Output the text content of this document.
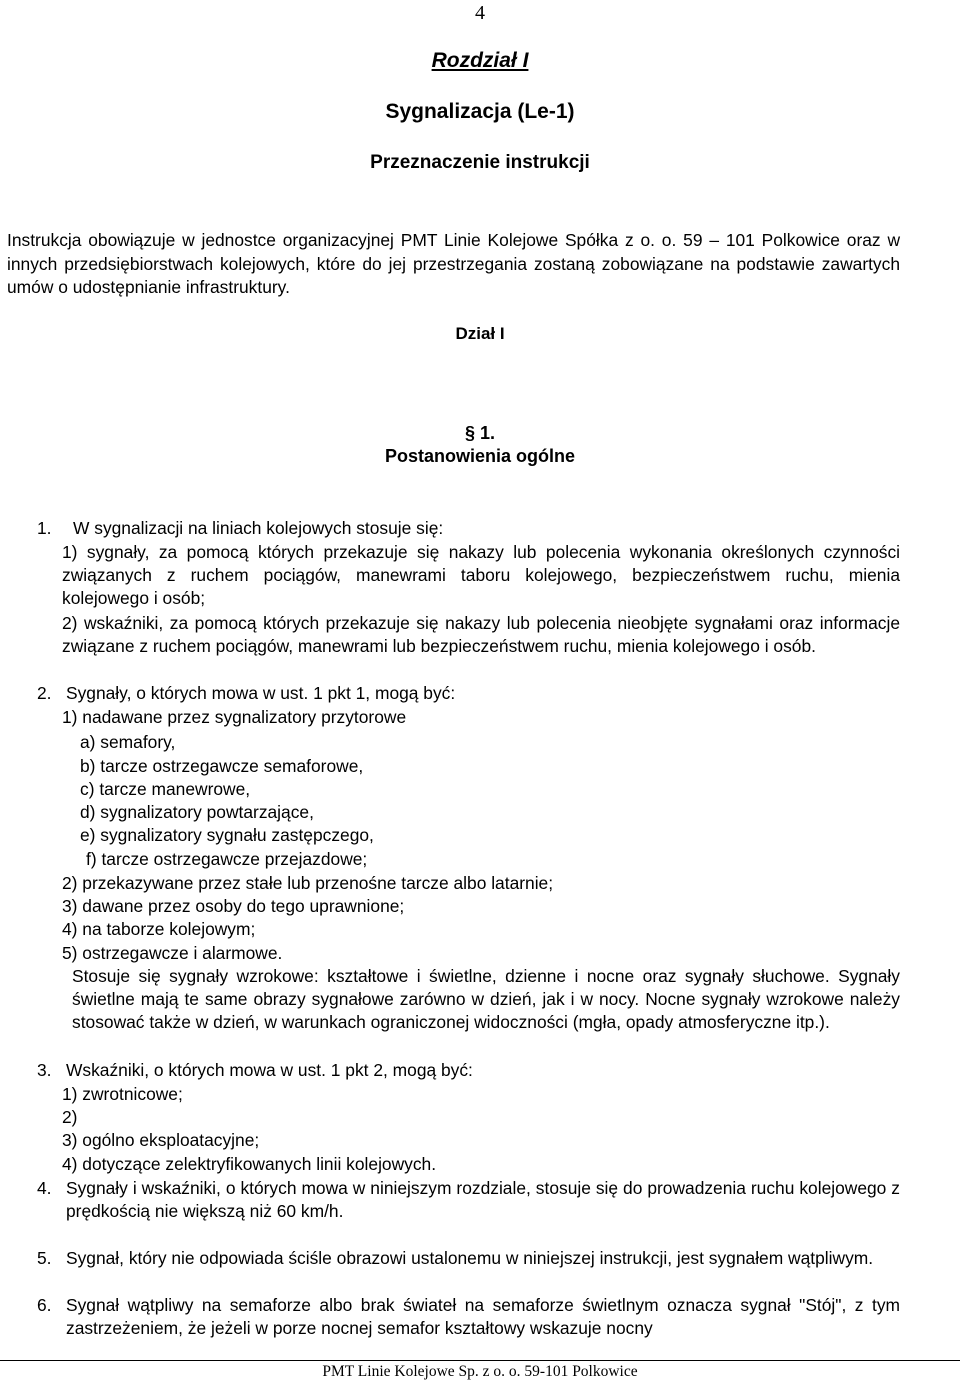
4
Rozdział I
Sygnalizacja (Le-1)
Przeznaczenie instrukcji
Instrukcja obowiązuje w jednostce organizacyjnej PMT Linie Kolejowe Spółka z o. o. 59 – 101 Polkowice oraz w innych przedsiębiorstwach kolejowych, które do jej przestrzegania zostaną zobowiązane na podstawie zawartych umów o udostępnianie infrastruktury.
Dział I
§ 1.
Postanowienia ogólne
1. W sygnalizacji na liniach kolejowych stosuje się:
1) sygnały, za pomocą których przekazuje się nakazy lub polecenia wykonania określonych czynności związanych z ruchem pociągów, manewrami taboru kolejowego, bezpieczeństwem ruchu, mienia kolejowego i osób;
2) wskaźniki, za pomocą których przekazuje się nakazy lub polecenia nieobjęte sygnałami oraz informacje związane z ruchem pociągów, manewrami lub bezpieczeństwem ruchu, mienia kolejowego i osób.
2. Sygnały, o których mowa w ust. 1 pkt 1, mogą być:
1) nadawane przez sygnalizatory przytorowe
a) semafory,
b) tarcze ostrzegawcze semaforowe,
c) tarcze manewrowe,
d) sygnalizatory powtarzające,
e) sygnalizatory sygnału zastępczego,
f) tarcze ostrzegawcze przejazdowe;
2) przekazywane przez stałe lub przenośne tarcze albo latarnie;
3) dawane przez osoby do tego uprawnione;
4) na taborze kolejowym;
5) ostrzegawcze i alarmowe.
Stosuje się sygnały wzrokowe: kształtowe i świetlne, dzienne i nocne oraz sygnały słuchowe. Sygnały świetlne mają te same obrazy sygnałowe zarówno w dzień, jak i w nocy. Nocne sygnały wzrokowe należy stosować także w dzień, w warunkach ograniczonej widoczności (mgła, opady atmosferyczne itp.).
3. Wskaźniki, o których mowa w ust. 1 pkt 2, mogą być:
1) zwrotnicowe;
2)
3) ogólno eksploatacyjne;
4) dotyczące zelektryfikowanych linii kolejowych.
4. Sygnały i wskaźniki, o których mowa w niniejszym rozdziale, stosuje się do prowadzenia ruchu kolejowego z prędkością nie większą niż 60 km/h.
5. Sygnał, który nie odpowiada ściśle obrazowi ustalonemu w niniejszej instrukcji, jest sygnałem wątpliwym.
6. Sygnał wątpliwy na semaforze albo brak świateł na semaforze świetlnym oznacza sygnał "Stój", z tym zastrzeżeniem, że jeżeli w porze nocnej semafor kształtowy wskazuje nocny
PMT Linie Kolejowe Sp. z o. o. 59-101 Polkowice
